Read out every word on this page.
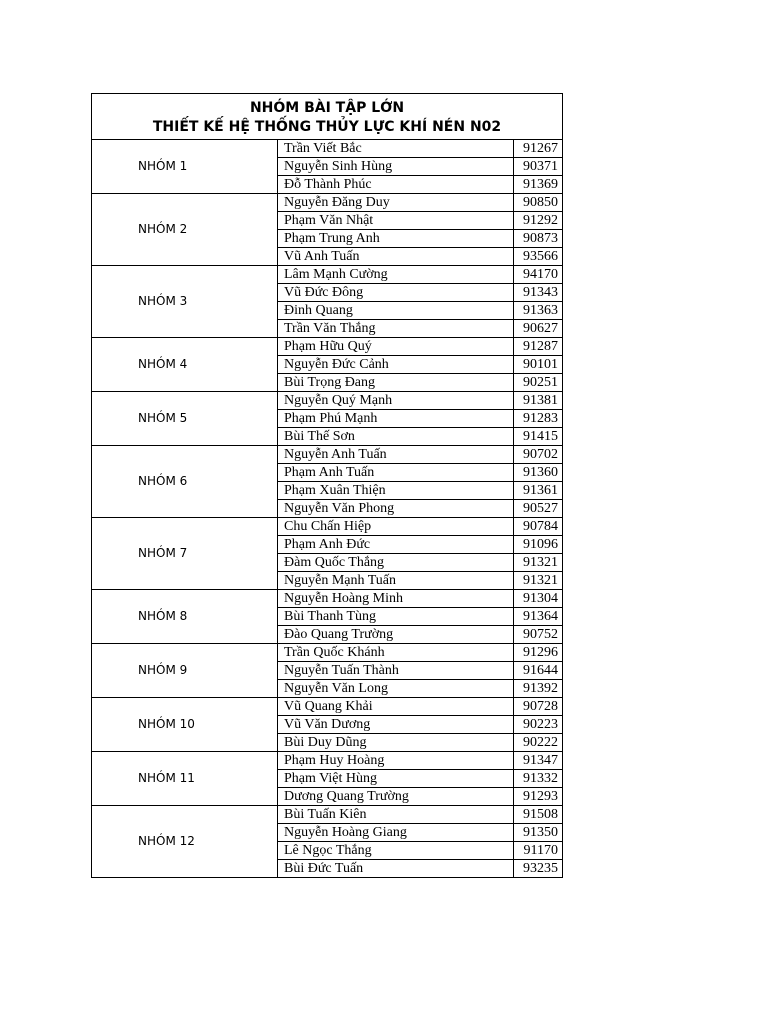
NHÓM BÀI TẬP LỚN
THIẾT KẾ HỆ THỐNG THỦY LỰC KHÍ NÉN N02		

NHÓM 1	Trần Viết Bắc	91267
	Nguyễn Sinh Hùng	90371
	Đỗ Thành Phúc	91369
NHÓM 2	Nguyễn Đăng Duy	90850
	Phạm Văn Nhật	91292
	Phạm Trung Anh	90873
	Vũ Anh Tuấn	93566
NHÓM 3	Lâm Mạnh Cường	94170
	Vũ Đức Đông	91343
	Đinh Quang	91363
	Trần Văn Thắng	90627
NHÓM 4	Phạm Hữu Quý	91287
	Nguyễn Đức Cảnh	90101
	Bùi Trọng Đang	90251
NHÓM 5	Nguyễn Quý Mạnh	91381
	Phạm Phú Mạnh	91283
	Bùi Thế Sơn	91415
NHÓM 6	Nguyễn Anh Tuấn	90702
	Phạm Anh Tuấn	91360
	Phạm Xuân Thiện	91361
	Nguyễn Văn Phong	90527
NHÓM 7	Chu Chấn Hiệp	90784
	Phạm Anh Đức	91096
	Đàm Quốc Thắng	91321
	Nguyễn Mạnh Tuấn	91321
NHÓM 8	Nguyễn Hoàng Minh	91304
	Bùi Thanh Tùng	91364
	Đào Quang Trường	90752
NHÓM 9	Trần Quốc Khánh	91296
	Nguyễn Tuấn Thành	91644
	Nguyễn Văn Long	91392
NHÓM 10	Vũ Quang Khải	90728
	Vũ Văn Dương	90223
	Bùi Duy Dũng	90222
NHÓM 11	Phạm Huy Hoàng	91347
	Phạm Việt Hùng	91332
	Dương Quang Trường	91293
NHÓM 12	Bùi Tuấn Kiên	91508
	Nguyễn Hoàng Giang	91350
	Lê Ngọc Thắng	91170
	Bùi Đức Tuấn	93235
